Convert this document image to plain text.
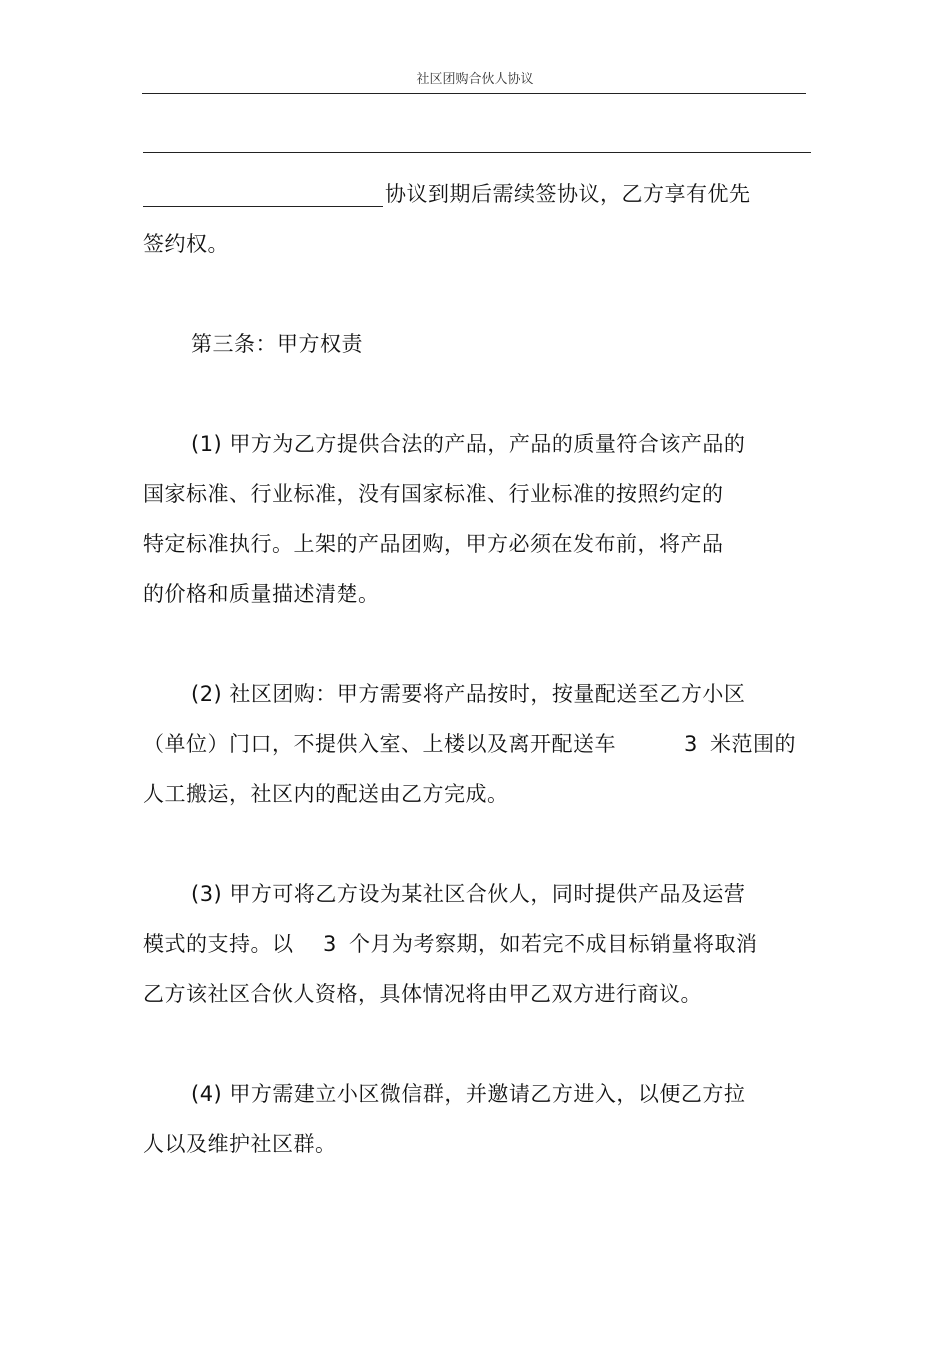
社区团购合伙人协议
协议到期后需续签协议，乙方享有优先
签约权。
第三条：甲方权责
(1) 甲方为乙方提供合法的产品，产品的质量符合该产品的
国家标准、行业标准，没有国家标准、行业标准的按照约定的
特定标准执行。上架的产品团购，甲方必须在发布前，将产品
的价格和质量描述清楚。
(2) 社区团购：甲方需要将产品按时，按量配送至乙方小区
（单位）门口，不提供入室、上楼以及离开配送车	3 米范围的
人工搬运，社区内的配送由乙方完成。
(3) 甲方可将乙方设为某社区合伙人，同时提供产品及运营
模式的支持。以 3 个月为考察期，如若完不成目标销量将取消
乙方该社区合伙人资格，具体情况将由甲乙双方进行商议。
(4) 甲方需建立小区微信群，并邀请乙方进入，以便乙方拉
人以及维护社区群。
